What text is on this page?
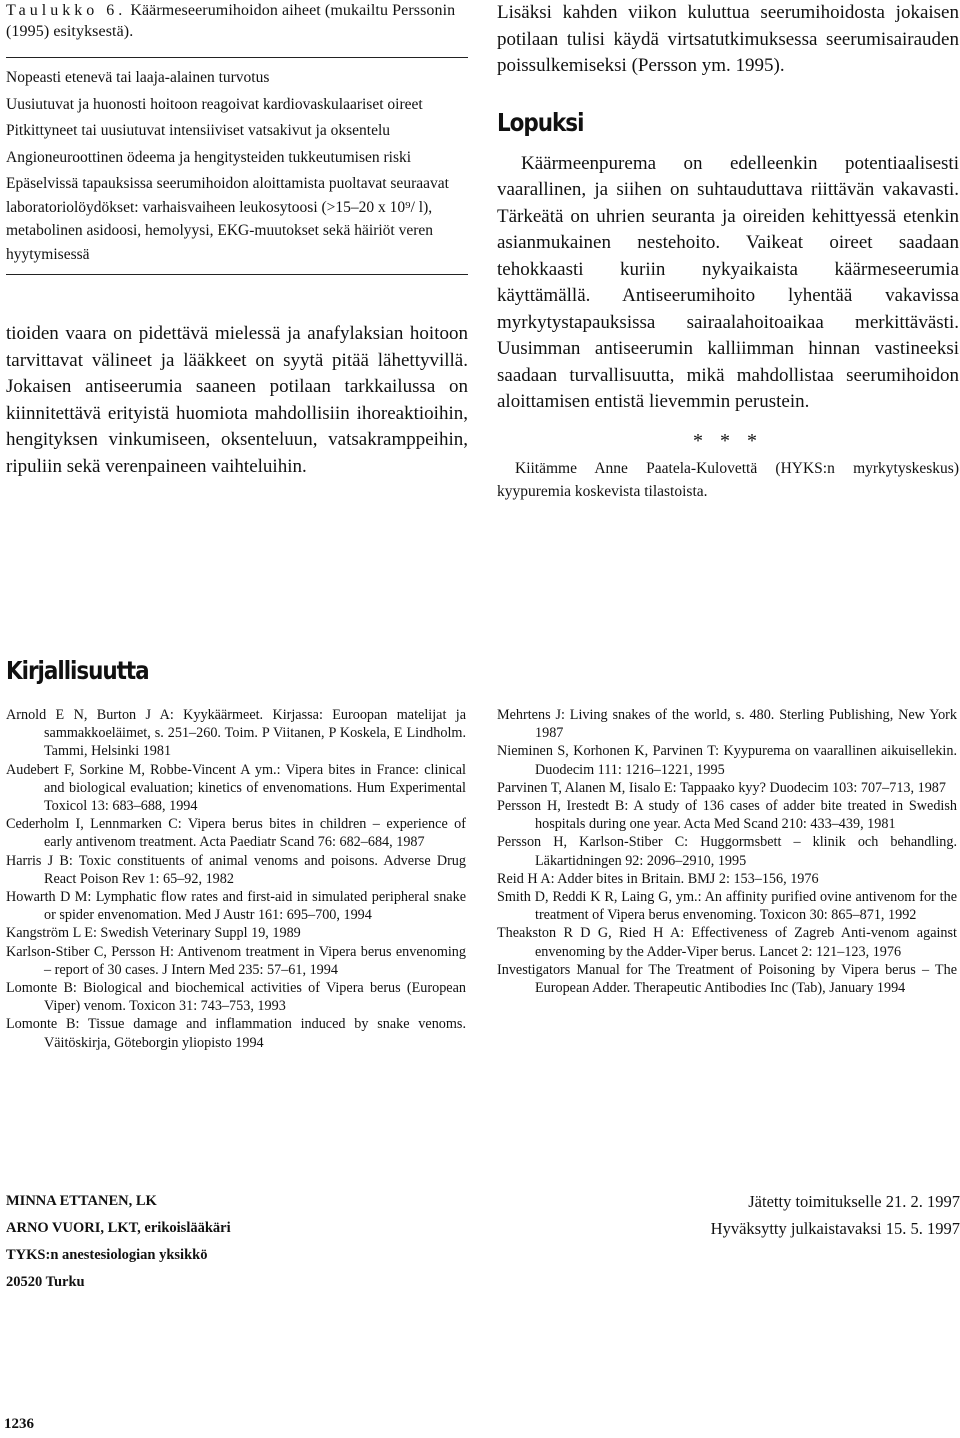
Taulukko 6. Käärmeseerumihoidon aiheet (mukailtu Perssonin (1995) esityksestä).

Nopeasti etenevä tai laaja-alainen turvotus

Uusiutuvat ja huonosti hoitoon reagoivat kardiovaskulaariset oireet

Pitkittyneet tai uusiutuvat intensiiviset vatsakivut ja oksentelu

Angioneuroottinen ödeema ja hengitysteiden tukkeutumisen riski

Epäselvissä tapauksissa seerumihoidon aloittamista puoltavat seuraavat laboratoriolöydökset: varhaisvaiheen leukosytoosi (>15–20 x 10⁹/ l), metabolinen asidoosi, hemolyysi, EKG-muutokset sekä häiriöt veren hyytymisessä

tioiden vaara on pidettävä mielessä ja anafylaksian hoitoon tarvittavat välineet ja lääkkeet on syytä pitää lähettyvillä. Jokaisen antiseerumia saaneen potilaan tarkkailussa on kiinnitettävä erityistä huomiota mahdollisiin ihoreaktioihin, hengityksen vinkumiseen, oksenteluun, vatsakramppeihin, ripuliin sekä verenpaineen vaihteluihin.

Lisäksi kahden viikon kuluttua seerumihoidosta jokaisen potilaan tulisi käydä virtsatutkimuksessa seerumisairauden poissulkemiseksi (Persson ym. 1995).

Lopuksi

Käärmeenpurema on edelleenkin potentiaalisesti vaarallinen, ja siihen on suhtauduttava riittävän vakavasti. Tärkeätä on uhrien seuranta ja oireiden kehittyessä etenkin asianmukainen nestehoito. Vaikeat oireet saadaan tehokkaasti kuriin nykyaikaista käärmeseerumia käyttämällä. Antiseerumihoito lyhentää vakavissa myrkytystapauksissa sairaalahoitoaikaa merkittävästi. Uusimman antiseerumin kalliimman hinnan vastineeksi saadaan turvallisuutta, mikä mahdollistaa seerumihoidon aloittamisen entistä lievemmin perustein.

* * *

Kiitämme Anne Paatela-Kulovettä (HYKS:n myrkytyskeskus) kyypuremia koskevista tilastoista.

Kirjallisuutta

Arnold E N, Burton J A: Kyykäärmeet. Kirjassa: Euroopan matelijat ja sammakkoeläimet, s. 251–260. Toim. P Viitanen, P Koskela, E Lindholm. Tammi, Helsinki 1981

Audebert F, Sorkine M, Robbe-Vincent A ym.: Vipera bites in France: clinical and biological evaluation; kinetics of envenomations. Hum Experimental Toxicol 13: 683–688, 1994

Cederholm I, Lennmarken C: Vipera berus bites in children – experience of early antivenom treatment. Acta Paediatr Scand 76: 682–684, 1987

Harris J B: Toxic constituents of animal venoms and poisons. Adverse Drug React Poison Rev 1: 65–92, 1982

Howarth D M: Lymphatic flow rates and first-aid in simulated peripheral snake or spider envenomation. Med J Austr 161: 695–700, 1994

Kangström L E: Swedish Veterinary Suppl 19, 1989

Karlson-Stiber C, Persson H: Antivenom treatment in Vipera berus envenoming – report of 30 cases. J Intern Med 235: 57–61, 1994

Lomonte B: Biological and biochemical activities of Vipera berus (European Viper) venom. Toxicon 31: 743–753, 1993

Lomonte B: Tissue damage and inflammation induced by snake venoms. Väitöskirja, Göteborgin yliopisto 1994

Mehrtens J: Living snakes of the world, s. 480. Sterling Publishing, New York 1987

Nieminen S, Korhonen K, Parvinen T: Kyypurema on vaarallinen aikuisellekin. Duodecim 111: 1216–1221, 1995

Parvinen T, Alanen M, Iisalo E: Tappaako kyy? Duodecim 103: 707–713, 1987

Persson H, Irestedt B: A study of 136 cases of adder bite treated in Swedish hospitals during one year. Acta Med Scand 210: 433–439, 1981

Persson H, Karlson-Stiber C: Huggormsbett – klinik och behandling. Läkartidningen 92: 2096–2910, 1995

Reid H A: Adder bites in Britain. BMJ 2: 153–156, 1976

Smith D, Reddi K R, Laing G, ym.: An affinity purified ovine antivenom for the treatment of Vipera berus envenoming. Toxicon 30: 865–871, 1992

Theakston R D G, Ried H A: Effectiveness of Zagreb Anti-venom against envenoming by the Adder-Viper berus. Lancet 2: 121–123, 1976

Investigators Manual for The Treatment of Poisoning by Vipera berus – The European Adder. Therapeutic Antibodies Inc (Tab), January 1994

MINNA ETTANEN, LK

ARNO VUORI, LKT, erikoislääkäri

TYKS:n anestesiologian yksikkö

20520 Turku

Jätetty toimitukselle 21. 2. 1997

Hyväksytty julkaistavaksi 15. 5. 1997

1236
